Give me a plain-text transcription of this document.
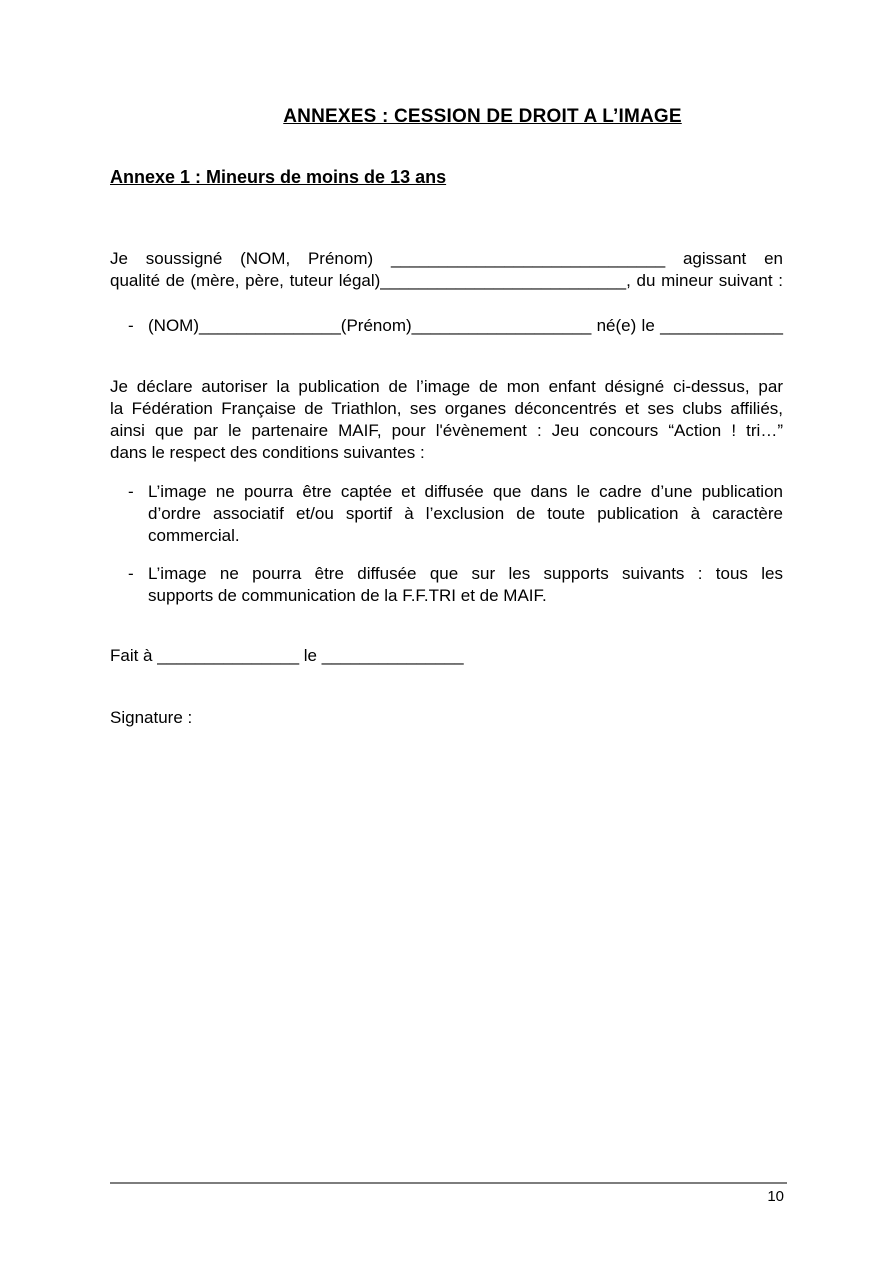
ANNEXES : CESSION DE DROIT A L’IMAGE
Annexe 1 : Mineurs de moins de 13 ans
Je soussigné (NOM, Prénom) _____________________________ agissant en
qualité de (mère, père, tuteur légal)__________________________, du mineur suivant :
- (NOM)_______________(Prénom)___________________ né(e) le _____________
Je déclare autoriser la publication de l’image de mon enfant désigné ci-dessus, par
la Fédération Française de Triathlon, ses organes déconcentrés et ses clubs affiliés,
ainsi que par le partenaire MAIF, pour l'évènement : Jeu concours “Action ! tri…”
dans le respect des conditions suivantes :
- L’image ne pourra être captée et diffusée que dans le cadre d’une publication
d’ordre associatif et/ou sportif à l’exclusion de toute publication à caractère
commercial.
- L’image ne pourra être diffusée que sur les supports suivants : tous les
supports de communication de la F.F.TRI et de MAIF.
Fait à _______________ le _______________
Signature :
10
